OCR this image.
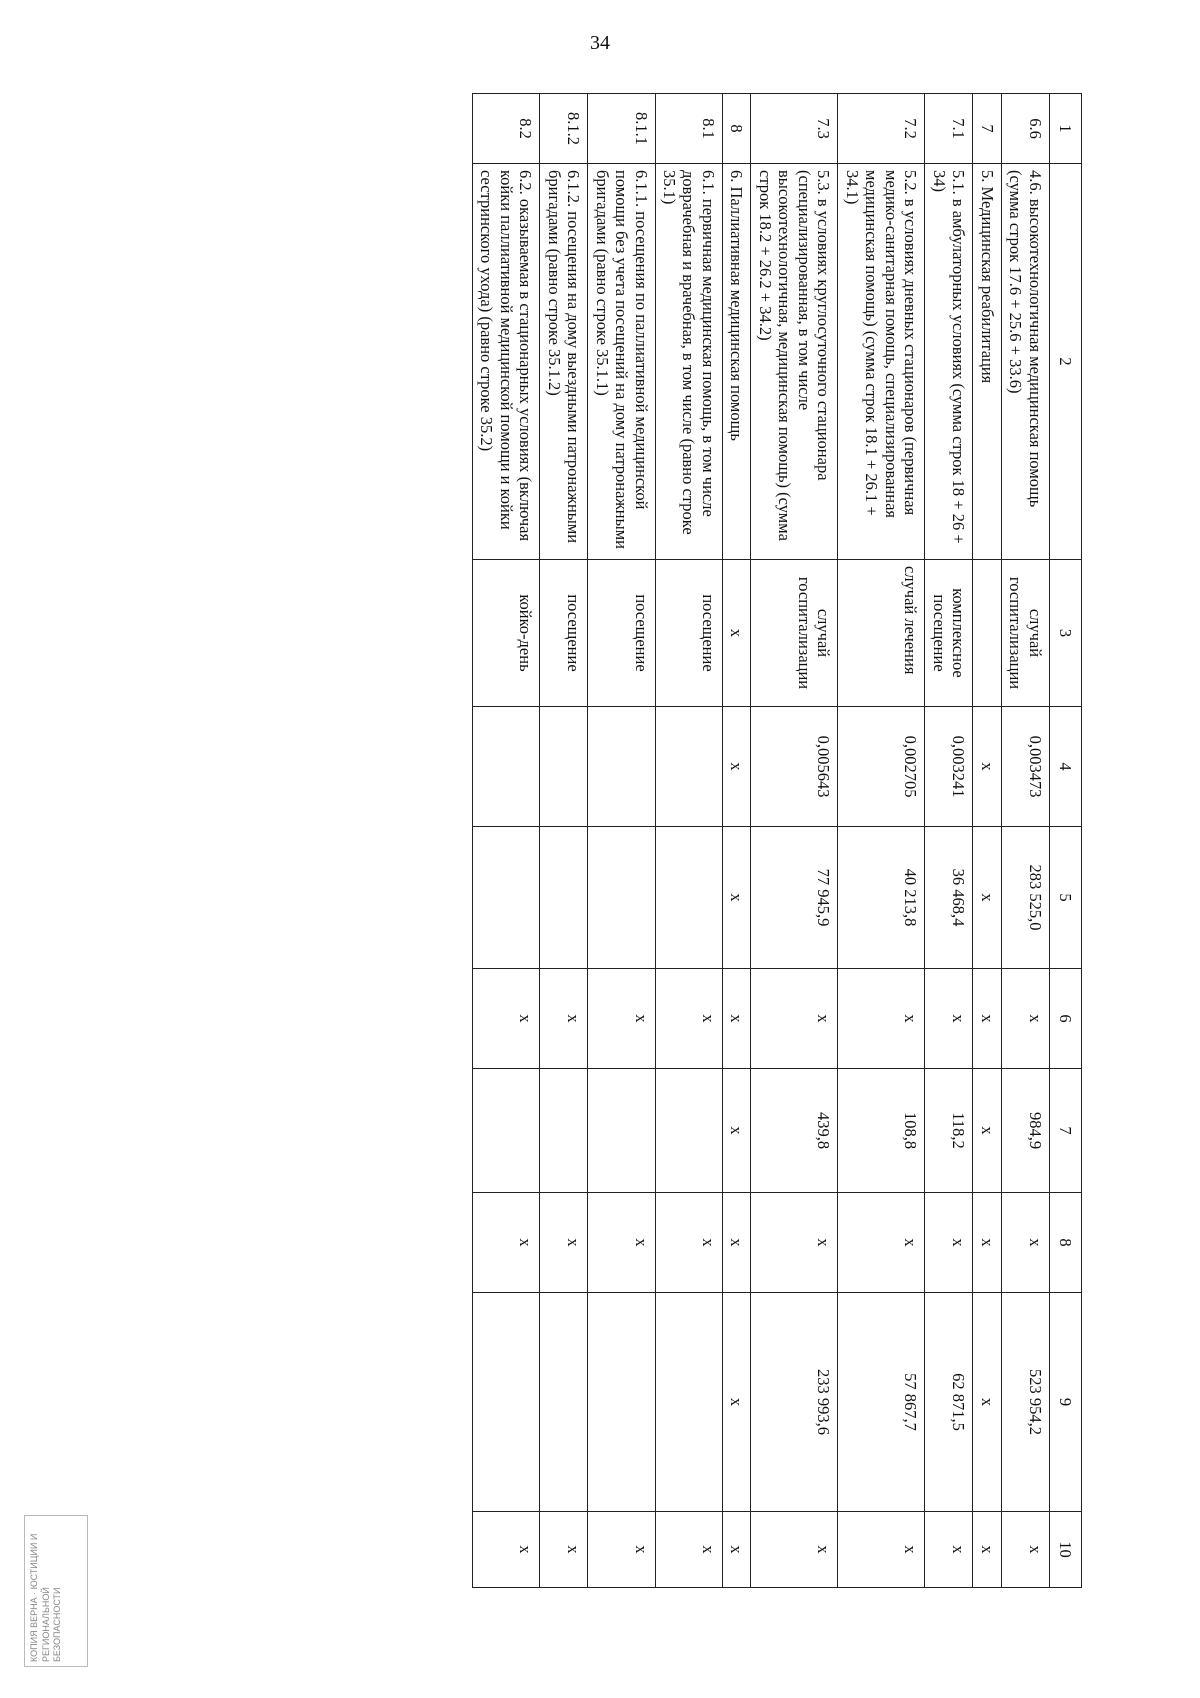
34
1	2	3	4	5	6	7	8	9	10
6.6	4.6. высокотехнологичная медицинская помощь (сумма строк 17.6 + 25.6 + 33.6)	случай госпитализации	0,003473	283 525,0	х	984,9	х	523 954,2	х
7	5. Медицинская реабилитация		х	х	х	х	х	х	х
7.1	5.1. в амбулаторных условиях (сумма строк 18 + 26 + 34)	комплексное посещение	0,003241	36 468,4	х	118,2	х	62 871,5	х
7.2	5.2. в условиях дневных стационаров (первичная медико-санитарная помощь, специализированная медицинская помощь) (сумма строк 18.1 + 26.1 + 34.1)	случай лечения	0,002705	40 213,8	х	108,8	х	57 867,7	х
7.3	5.3. в условиях круглосуточного стационара (специализированная, в том числе высокотехнологичная, медицинская помощь) (сумма строк 18.2 + 26.2 + 34.2)	случай госпитализации	0,005643	77 945,9	х	439,8	х	233 993,6	х
8	6. Паллиативная медицинская помощь	х	х	х	х	х	х	х	х
8.1	6.1. первичная медицинская помощь, в том числе доврачебная и врачебная, в том числе (равно строке 35.1)	посещение			х		х		х
8.1.1	6.1.1. посещения по паллиативной медицинской помощи без учета посещений на дому патронажными бригадами (равно строке 35.1.1)	посещение			х		х		х
8.1.2	6.1.2. посещения на дому выездными патронажными бригадами (равно строке 35.1.2)	посещение			х		х		х
8.2	6.2. оказываемая в стационарных условиях (включая койки паллиативной медицинской помощи и койки сестринского ухода) (равно строке 35.2)	койко-день			х		х		х
КОПИЯ ВЕРНА · ЮСТИЦИИ И РЕГИОНАЛЬНОЙ БЕЗОПАСНОСТИ
